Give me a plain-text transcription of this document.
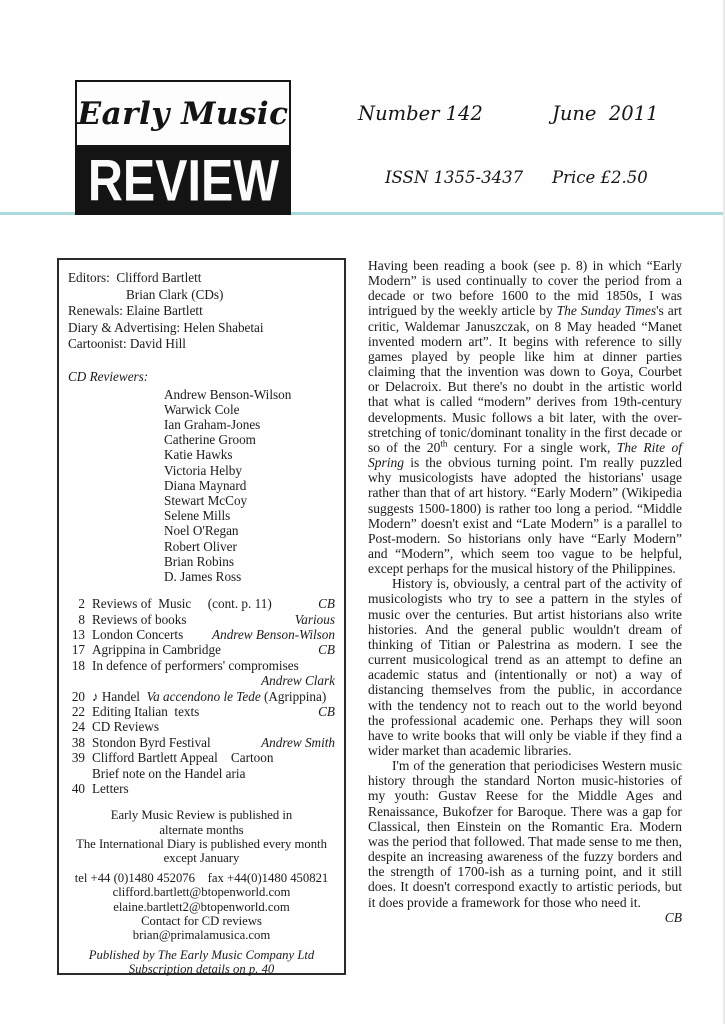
Early Music
REVIEW
Number 142	June  2011
ISSN 1355-3437 Price £2.50
Editors:  Clifford Bartlett
Brian Clark (CDs)
Renewals: Elaine Bartlett
Diary & Advertising: Helen Shabetai
Cartoonist: David Hill
CD Reviewers:
Andrew Benson-Wilson
Warwick Cole
Ian Graham-Jones
Catherine Groom
Katie Hawks
Victoria Helby
Diana Maynard
Stewart McCoy
Selene Mills
Noel O'Regan
Robert Oliver
Brian Robins
D. James Ross
2 Reviews of  Music     (cont. p. 11)	CB
8 Reviews of books	Various
13 London Concerts	Andrew Benson-Wilson
17 Agrippina in Cambridge	CB
18 In defence of performers' compromises
Andrew Clark
20 ♪ Handel  Va accendono le Tede (Agrippina)
22 Editing Italian  texts	CB
24 CD Reviews
38 Stondon Byrd Festival	Andrew Smith
39 Clifford Bartlett Appeal    Cartoon
Brief note on the Handel aria
40 Letters
Early Music Review is published in
alternate months
The International Diary is published every month
except January
tel +44 (0)1480 452076    fax +44(0)1480 450821
clifford.bartlett@btopenworld.com
elaine.bartlett2@btopenworld.com
Contact for CD reviews
brian@primalamusica.com
Published by The Early Music Company Ltd
Subscription details on p. 40

Having been reading a book (see p. 8) in which “Early Modern” is used continually to cover the period from a decade or two before 1600 to the mid 1850s, I was intrigued by the weekly article by The Sunday Times's art critic, Waldemar Januszczak, on 8 May headed “Manet invented modern art”. It begins with reference to silly games played by people like him at dinner parties claiming that the invention was down to Goya, Courbet or Delacroix. But there's no doubt in the artistic world that what is called “modern” derives from 19th-century developments. Music follows a bit later, with the over-stretching of tonic/dominant tonality in the first decade or so of the 20th century. For a single work, The Rite of Spring is the obvious turning point. I'm really puzzled why musicologists have adopted the historians' usage rather than that of art history. “Early Modern” (Wikipedia suggests 1500-1800) is rather too long a period. “Middle Modern” doesn't exist and “Late Modern” is a parallel to Post-modern. So historians only have “Early Modern” and “Modern”, which seem too vague to be helpful, except perhaps for the musical history of the Philippines.

History is, obviously, a central part of the activity of musicologists who try to see a pattern in the styles of music over the centuries. But artist historians also write histories. And the general public wouldn't dream of thinking of Titian or Palestrina as modern. I see the current musicological trend as an attempt to define an academic status and (intentionally or not) a way of distancing themselves from the public, in accordance with the tendency not to reach out to the world beyond the professional academic one. Perhaps they will soon have to write books that will only be viable if they find a wider market than academic libraries.

I'm of the generation that periodicises Western music history through the standard Norton music-histories of my youth: Gustav Reese for the Middle Ages and Renaissance, Bukofzer for Baroque. There was a gap for Classical, then Einstein on the Romantic Era. Modern was the period that followed. That made sense to me then, despite an increasing awareness of the fuzzy borders and the strength of 1700-ish as a turning point, and it still does. It doesn't correspond exactly to artistic periods, but it does provide a framework for those who need it.
CB
